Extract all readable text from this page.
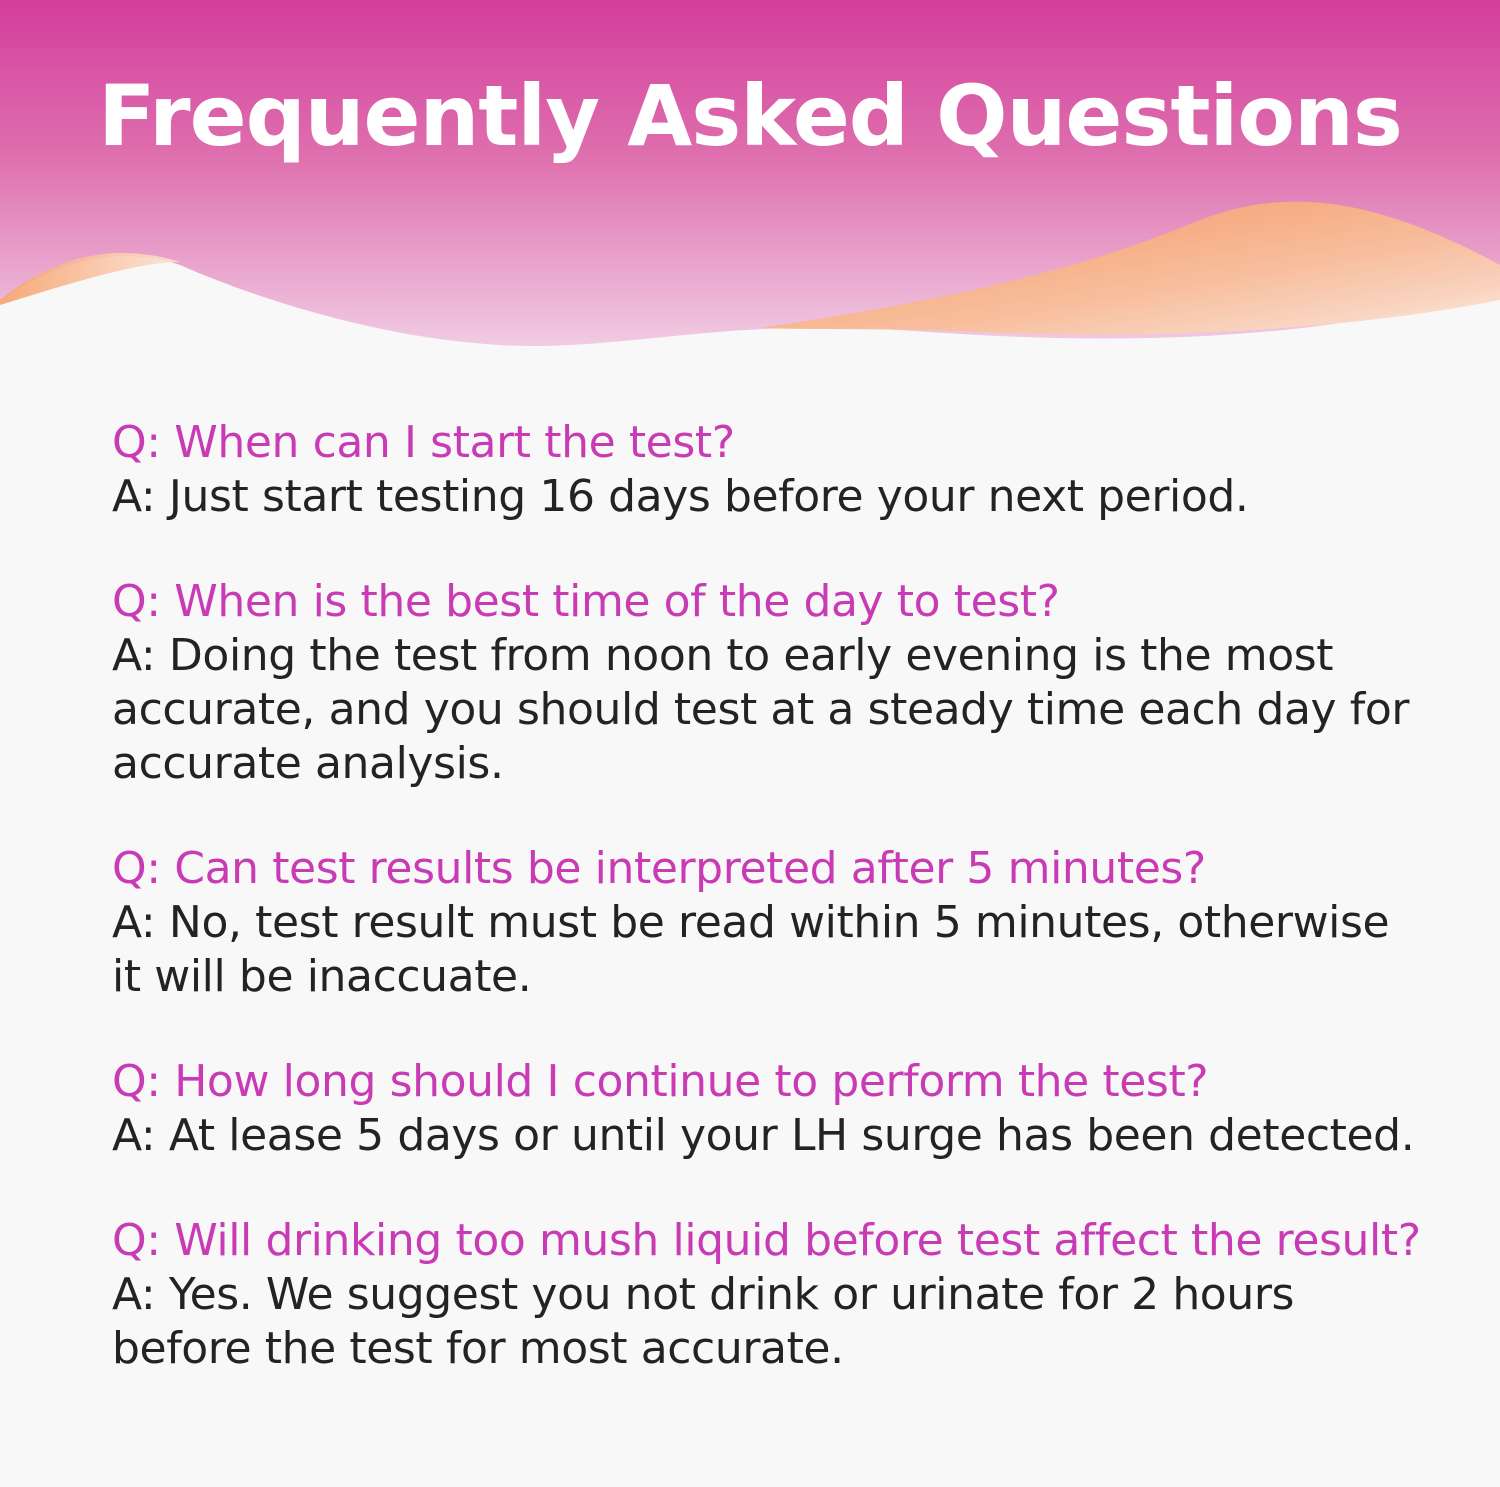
Frequently Asked Questions

Q: When can I start the test?

A: Just start testing 16 days before your next period.

Q: When is the best time of the day to test?

A: Doing the test from noon to early evening is the most accurate, and you should test at a steady time each day for accurate analysis.

Q: Can test results be interpreted after 5 minutes?

A: No, test result must be read within 5 minutes, otherwise it will be inaccuate.

Q: How long should I continue to perform the test?

A: At lease 5 days or until your LH surge has been detected.

Q: Will drinking too mush liquid before test affect the result?

A: Yes. We suggest you not drink or urinate for 2 hours before the test for most accurate.
